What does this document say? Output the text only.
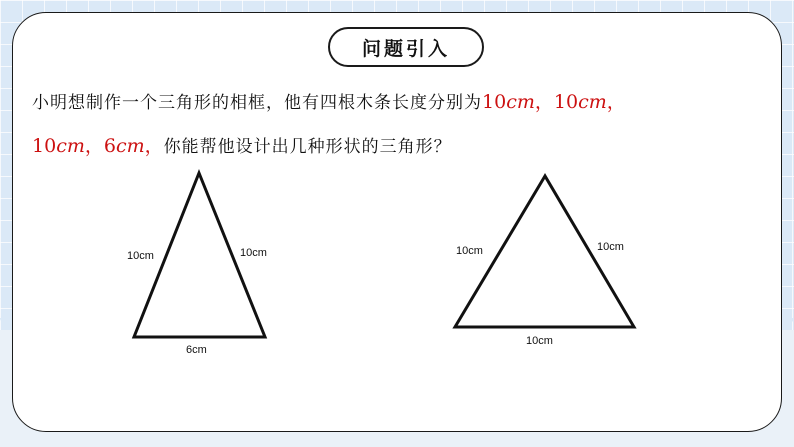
问题引入
小明想制作一个三角形的相框，他有四根木条长度分别为10cm，10cm，
10cm，6cm，你能帮他设计出几种形状的三角形？
10cm	10cm
6cm
10cm	10cm
10cm
